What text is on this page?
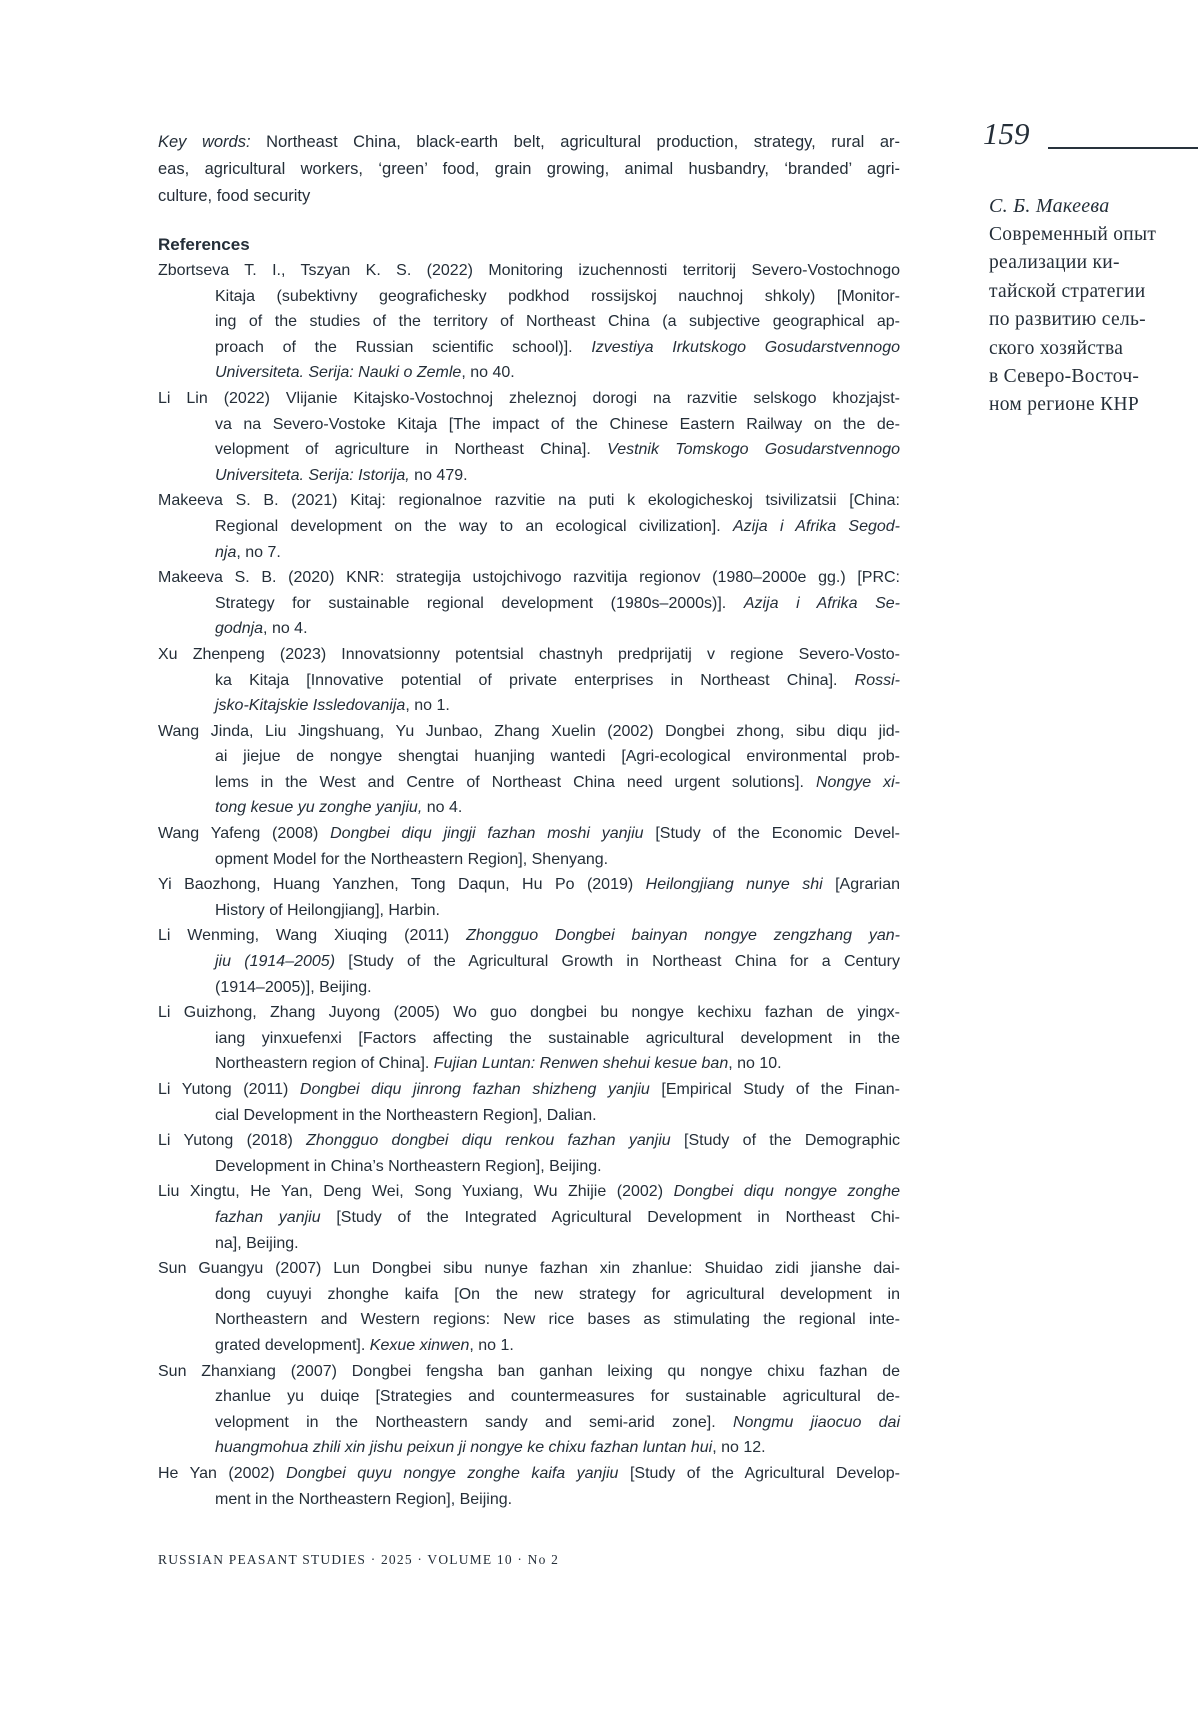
Key words: Northeast China, black-earth belt, agricultural production, strategy, rural ar-
eas, agricultural workers, ‘green’ food, grain growing, animal husbandry, ‘branded’ agri-
culture, food security
References
Zbortseva T. I., Tszyan K. S. (2022) Monitoring izuchennosti territorij Severo-Vostochnogo
Kitaja (subektivny geografichesky podkhod rossijskoj nauchnoj shkoly) [Monitor-
ing of the studies of the territory of Northeast China (a subjective geographical ap-
proach of the Russian scientific school)]. Izvestiya Irkutskogo Gosudarstvennogo
Universiteta. Serija: Nauki o Zemle, no 40.
Li Lin (2022) Vlijanie Kitajsko-Vostochnoj zheleznoj dorogi na razvitie selskogo khozjajst-
va na Severo-Vostoke Kitaja [The impact of the Chinese Eastern Railway on the de-
velopment of agriculture in Northeast China]. Vestnik Tomskogo Gosudarstvennogo
Universiteta. Serija: Istorija, no 479.
Makeeva S. B. (2021) Kitaj: regionalnoe razvitie na puti k ekologicheskoj tsivilizatsii [China:
Regional development on the way to an ecological civilization]. Azija i Afrika Segod-
nja, no 7.
Makeeva S. B. (2020) KNR: strategija ustojchivogo razvitija regionov (1980–2000e gg.) [PRC:
Strategy for sustainable regional development (1980s–2000s)]. Azija i Afrika Se-
godnja, no 4.
Xu Zhenpeng (2023) Innovatsionny potentsial chastnyh predprijatij v regione Severo-Vosto-
ka Kitaja [Innovative potential of private enterprises in Northeast China]. Rossi-
jsko-Kitajskie Issledovanija, no 1.
Wang Jinda, Liu Jingshuang, Yu Junbao, Zhang Xuelin (2002) Dongbei zhong, sibu diqu jid-
ai jiejue de nongye shengtai huanjing wantedi [Agri-ecological environmental prob-
lems in the West and Centre of Northeast China need urgent solutions]. Nongye xi-
tong kesue yu zonghe yanjiu, no 4.
Wang Yafeng (2008) Dongbei diqu jingji fazhan moshi yanjiu [Study of the Economic Devel-
opment Model for the Northeastern Region], Shenyang.
Yi Baozhong, Huang Yanzhen, Tong Daqun, Hu Po (2019) Heilongjiang nunye shi [Agrarian
History of Heilongjiang], Harbin.
Li Wenming, Wang Xiuqing (2011) Zhongguo Dongbei bainyan nongye zengzhang yan-
jiu (1914–2005) [Study of the Agricultural Growth in Northeast China for a Century
(1914–2005)], Beijing.
Li Guizhong, Zhang Juyong (2005) Wo guo dongbei bu nongye kechixu fazhan de yingx-
iang yinxuefenxi [Factors affecting the sustainable agricultural development in the
Northeastern region of China]. Fujian Luntan: Renwen shehui kesue ban, no 10.
Li Yutong (2011) Dongbei diqu jinrong fazhan shizheng yanjiu [Empirical Study of the Finan-
cial Development in the Northeastern Region], Dalian.
Li Yutong (2018) Zhongguo dongbei diqu renkou fazhan yanjiu [Study of the Demographic
Development in China’s Northeastern Region], Beijing.
Liu Xingtu, He Yan, Deng Wei, Song Yuxiang, Wu Zhijie (2002) Dongbei diqu nongye zonghe
fazhan yanjiu [Study of the Integrated Agricultural Development in Northeast Chi-
na], Beijing.
Sun Guangyu (2007) Lun Dongbei sibu nunye fazhan xin zhanlue: Shuidao zidi jianshe dai-
dong cuyuyi zhonghe kaifa [On the new strategy for agricultural development in
Northeastern and Western regions: New rice bases as stimulating the regional inte-
grated development]. Kexue xinwen, no 1.
Sun Zhanxiang (2007) Dongbei fengsha ban ganhan leixing qu nongye chixu fazhan de
zhanlue yu duiqe [Strategies and countermeasures for sustainable agricultural de-
velopment in the Northeastern sandy and semi-arid zone]. Nongmu jiaocuo dai
huangmohua zhili xin jishu peixun ji nongye ke chixu fazhan luntan hui, no 12.
He Yan (2002) Dongbei quyu nongye zonghe kaifa yanjiu [Study of the Agricultural Develop-
ment in the Northeastern Region], Beijing.
RUSSIAN PEASANT STUDIES · 2025 · VOLUME 10 · No 2
159
С. Б. Макеева
Современный опыт
реализации ки-
тайской стратегии
по развитию сель-
ского хозяйства
в Северо-Восточ-
ном регионе КНР
